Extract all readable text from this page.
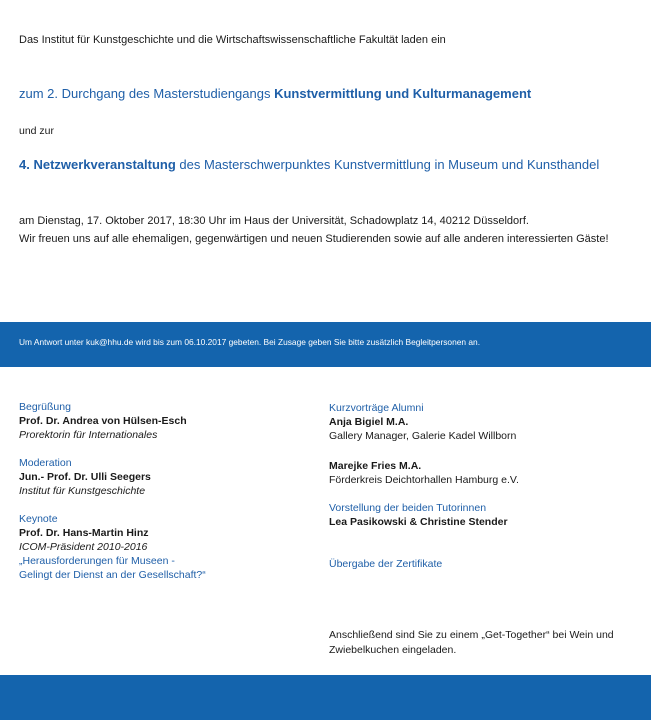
Das Institut für Kunstgeschichte und die Wirtschaftswissenschaftliche Fakultät laden ein
zum 2. Durchgang des Masterstudiengangs Kunstvermittlung und Kulturmanagement
und zur
4. Netzwerkveranstaltung des Masterschwerpunktes Kunstvermittlung in Museum und Kunsthandel
am Dienstag, 17. Oktober 2017, 18:30 Uhr im Haus der Universität, Schadowplatz 14, 40212 Düsseldorf.
Wir freuen uns auf alle ehemaligen, gegenwärtigen und neuen Studierenden sowie auf alle anderen interessierten Gäste!
Um Antwort unter kuk@hhu.de wird bis zum 06.10.2017 gebeten. Bei Zusage geben Sie bitte zusätzlich Begleitpersonen an.
Begrüßung
Prof. Dr. Andrea von Hülsen-Esch
Prorektorin für Internationales
Moderation
Jun.- Prof. Dr. Ulli Seegers
Institut für Kunstgeschichte
Keynote
Prof. Dr. Hans-Martin Hinz
ICOM-Präsident 2010-2016
„Herausforderungen für Museen -
Gelingt der Dienst an der Gesellschaft?“
Kurzvorträge Alumni
Anja Bigiel M.A.
Gallery Manager, Galerie Kadel Willborn
Marejke Fries M.A.
Förderkreis Deichtorhallen Hamburg e.V.
Vorstellung der beiden Tutorinnen
Lea Pasikowski & Christine Stender
Übergabe der Zertifikate
Anschließend sind Sie zu einem „Get-Together“ bei Wein und
Zwiebelkuchen eingeladen.
